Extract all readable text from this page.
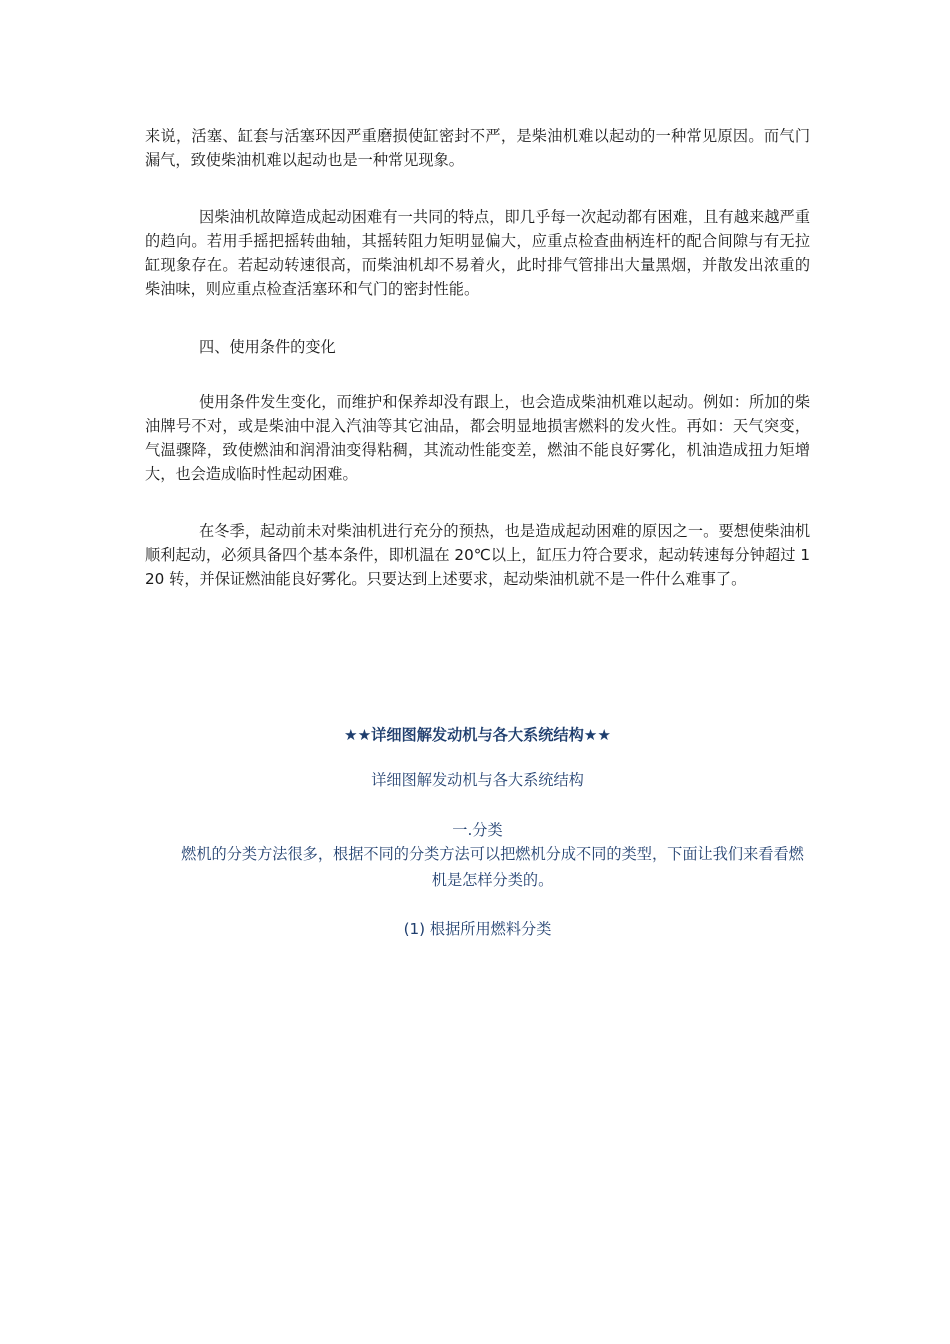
来说，活塞、缸套与活塞环因严重磨损使缸密封不严，是柴油机难以起动的一种常见原因。而气门漏气，致使柴油机难以起动也是一种常见现象。

因柴油机故障造成起动困难有一共同的特点，即几乎每一次起动都有困难，且有越来越严重的趋向。若用手摇把摇转曲轴，其摇转阻力矩明显偏大，应重点检查曲柄连杆的配合间隙与有无拉缸现象存在。若起动转速很高，而柴油机却不易着火，此时排气管排出大量黑烟，并散发出浓重的柴油味，则应重点检查活塞环和气门的密封性能。

四、使用条件的变化

使用条件发生变化，而维护和保养却没有跟上，也会造成柴油机难以起动。例如：所加的柴油牌号不对，或是柴油中混入汽油等其它油品，都会明显地损害燃料的发火性。再如：天气突变，气温骤降，致使燃油和润滑油变得粘稠，其流动性能变差，燃油不能良好雾化，机油造成扭力矩增大，也会造成临时性起动困难。

在冬季，起动前未对柴油机进行充分的预热，也是造成起动困难的原因之一。要想使柴油机顺利起动，必须具备四个基本条件，即机温在 20℃以上，缸压力符合要求，起动转速每分钟超过 120 转，并保证燃油能良好雾化。只要达到上述要求，起动柴油机就不是一件什么难事了。

★★详细图解发动机与各大系统结构★★

详细图解发动机与各大系统结构

一.分类

燃机的分类方法很多，根据不同的分类方法可以把燃机分成不同的类型，下面让我们来看看燃机是怎样分类的。

(1) 根据所用燃料分类
